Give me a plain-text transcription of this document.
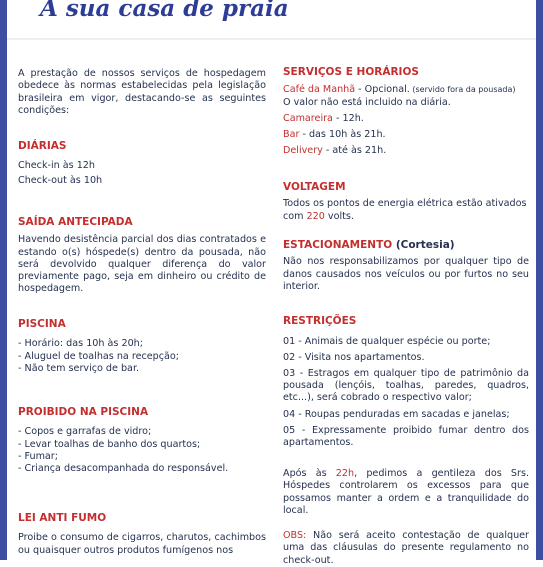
A sua casa de praia
A prestação de nossos serviços de hospedagem obedece às normas estabelecidas pela legislação brasileira em vigor, destacando-se as seguintes condições:
DIÁRIAS
Check-in às 12h
Check-out às 10h
SAÍDA ANTECIPADA
Havendo desistência parcial dos dias contratados e estando o(s) hóspede(s) dentro da pousada, não será devolvido qualquer diferença do valor previamente pago, seja em dinheiro ou crédito de hospedagem.
PISCINA
- Horário: das 10h às 20h;
- Aluguel de toalhas na recepção;
- Não tem serviço de bar.
PROIBIDO NA PISCINA
- Copos e garrafas de vidro;
- Levar toalhas de banho dos quartos;
- Fumar;
- Criança desacompanhada do responsável.
LEI ANTI FUMO
Proibe o consumo de cigarros, charutos, cachimbos ou quaisquer outros produtos fumígenos nos
SERVIÇOS E HORÁRIOS
Café da Manhã - Opcional. (servido fora da pousada)
O valor não está incluido na diária.
Camareira - 12h.
Bar - das 10h às 21h.
Delivery - até às 21h.
VOLTAGEM
Todos os pontos de energia elétrica estão ativados
com 220 volts.
ESTACIONAMENTO (Cortesia)
Não nos responsabilizamos por qualquer tipo de danos causados nos veículos ou por furtos no seu interior.
RESTRIÇÕES
01 - Animais de qualquer espécie ou porte;
02 - Visita nos apartamentos.
03 - Estragos em qualquer tipo de patrimônio da pousada (lençóis, toalhas, paredes, quadros, etc...), será cobrado o respectivo valor;
04 - Roupas penduradas em sacadas e janelas;
05 - Expressamente proibido fumar dentro dos apartamentos.
Após às 22h, pedimos a gentileza dos Srs. Hóspedes controlarem os excessos para que possamos manter a ordem e a tranquilidade do local.
OBS: Não será aceito contestação de qualquer uma das cláusulas do presente regulamento no check-out.
